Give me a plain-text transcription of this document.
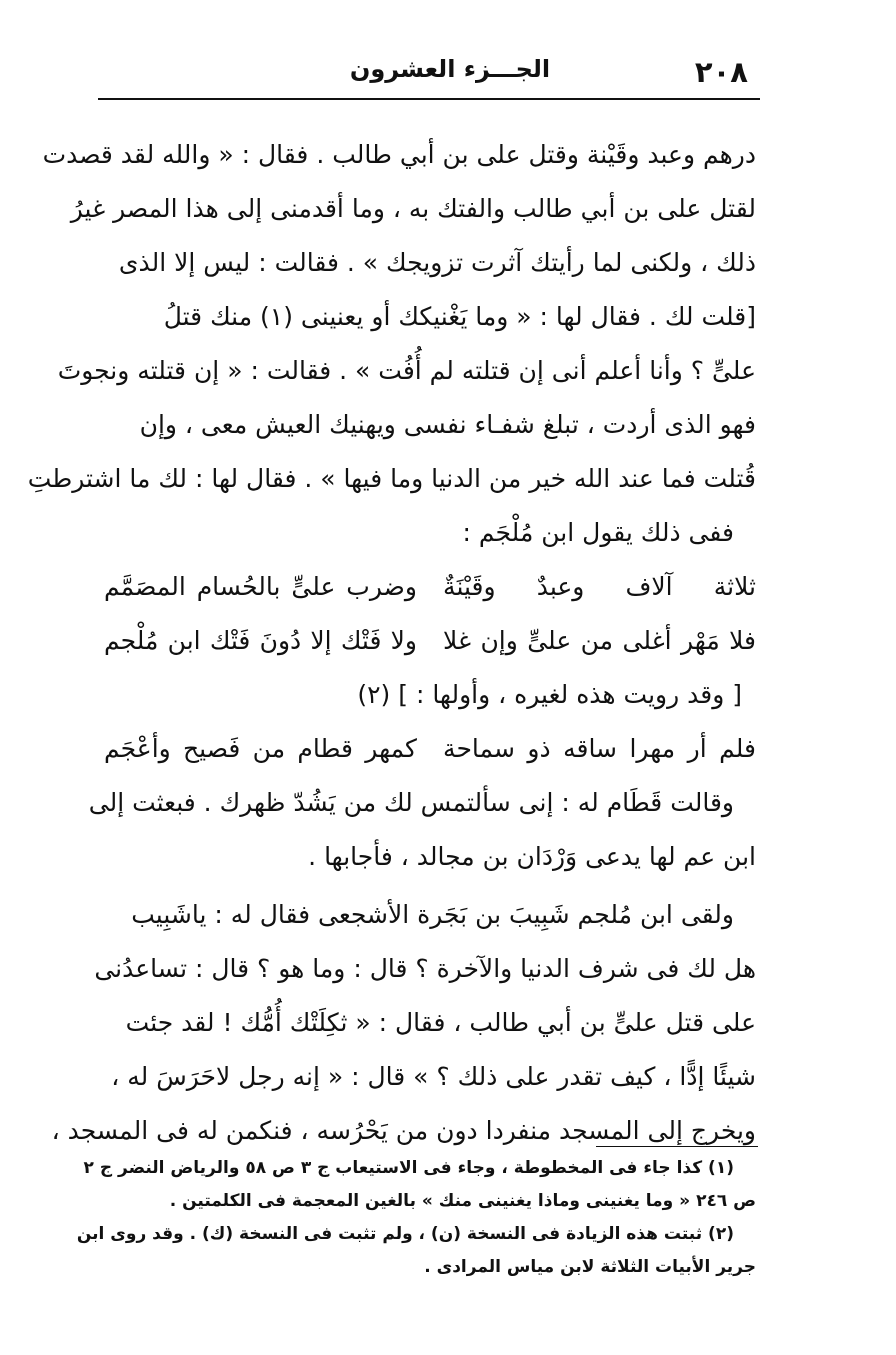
٢٠٨
الجـــزء العشرون
درهم وعبد وقَيْنة وقتل على بن أبي طالب . فقال : « والله لقد قصدت
لقتل على بن أبي طالب والفتك به ، وما أقدمنى إلى هذا المصر غيرُ
ذلك ، ولكنى لما رأيتك آثرت تزويجك » . فقالت : ليس إلا الذى
[قلت لك . فقال لها : « وما يَغْنيكك أو يعنينى (١) منك قتلُ
علىٍّ ؟ وأنا أعلم أنى إن قتلته لم أُفُت » . فقالت : « إن قتلته ونجوتَ
فهو الذى أردت ، تبلغ شفـاء نفسى ويهنيك العيش معى ، وإن
قُتلت فما عند الله خير من الدنيا وما فيها » . فقال لها : لك ما اشترطتِ
ففى ذلك يقول ابن مُلْجَم :
ثلاثة آلاف وعبدٌ وقَيْنَةٌ
وضرب علىٍّ بالحُسام المصَمَّم
فلا مَهْر أغلى من علىٍّ وإن غلا
ولا فَتْك إلا دُونَ فَتْك ابن مُلْجم
[ وقد رويت هذه لغيره ، وأولها : ] (٢)
فلم أر مهرا ساقه ذو سماحة
كمهر قطام من فَصيح وأعْجَم
وقالت قَطَام له : إنى سألتمس لك من يَشُدّ ظهرك . فبعثت إلى
ابن عم لها يدعى وَرْدَان بن مجالد ، فأجابها .
ولقى ابن مُلجم شَبِيبَ بن بَجَرة الأشجعى فقال له : ياشَبِيب
هل لك فى شرف الدنيا والآخرة ؟ قال : وما هو ؟ قال : تساعدُنى
على قتل علىٍّ بن أبي طالب ، فقال : « ثكِلَتْك أُمُّك ! لقد جئت
شيئًا إدًّا ، كيف تقدر على ذلك ؟ » قال : « إنه رجل لاحَرَسَ له ،
ويخرج إلى المسجد منفردا دون من يَحْرُسه ، فنكمن له فى المسجد ،
(١) كذا جاء فى المخطوطة ، وجاء فى الاستيعاب ج ٣ ص ٥٨ والرياض النضر ج ٢
ص ٢٤٦ « وما يغنينى وماذا يغنينى منك » بالغين المعجمة فى الكلمتين .
(٢) ثبتت هذه الزيادة فى النسخة (ن) ، ولم تثبت فى النسخة (ك) . وقد روى ابن
جرير الأبيات الثلاثة لابن مياس المرادى .
